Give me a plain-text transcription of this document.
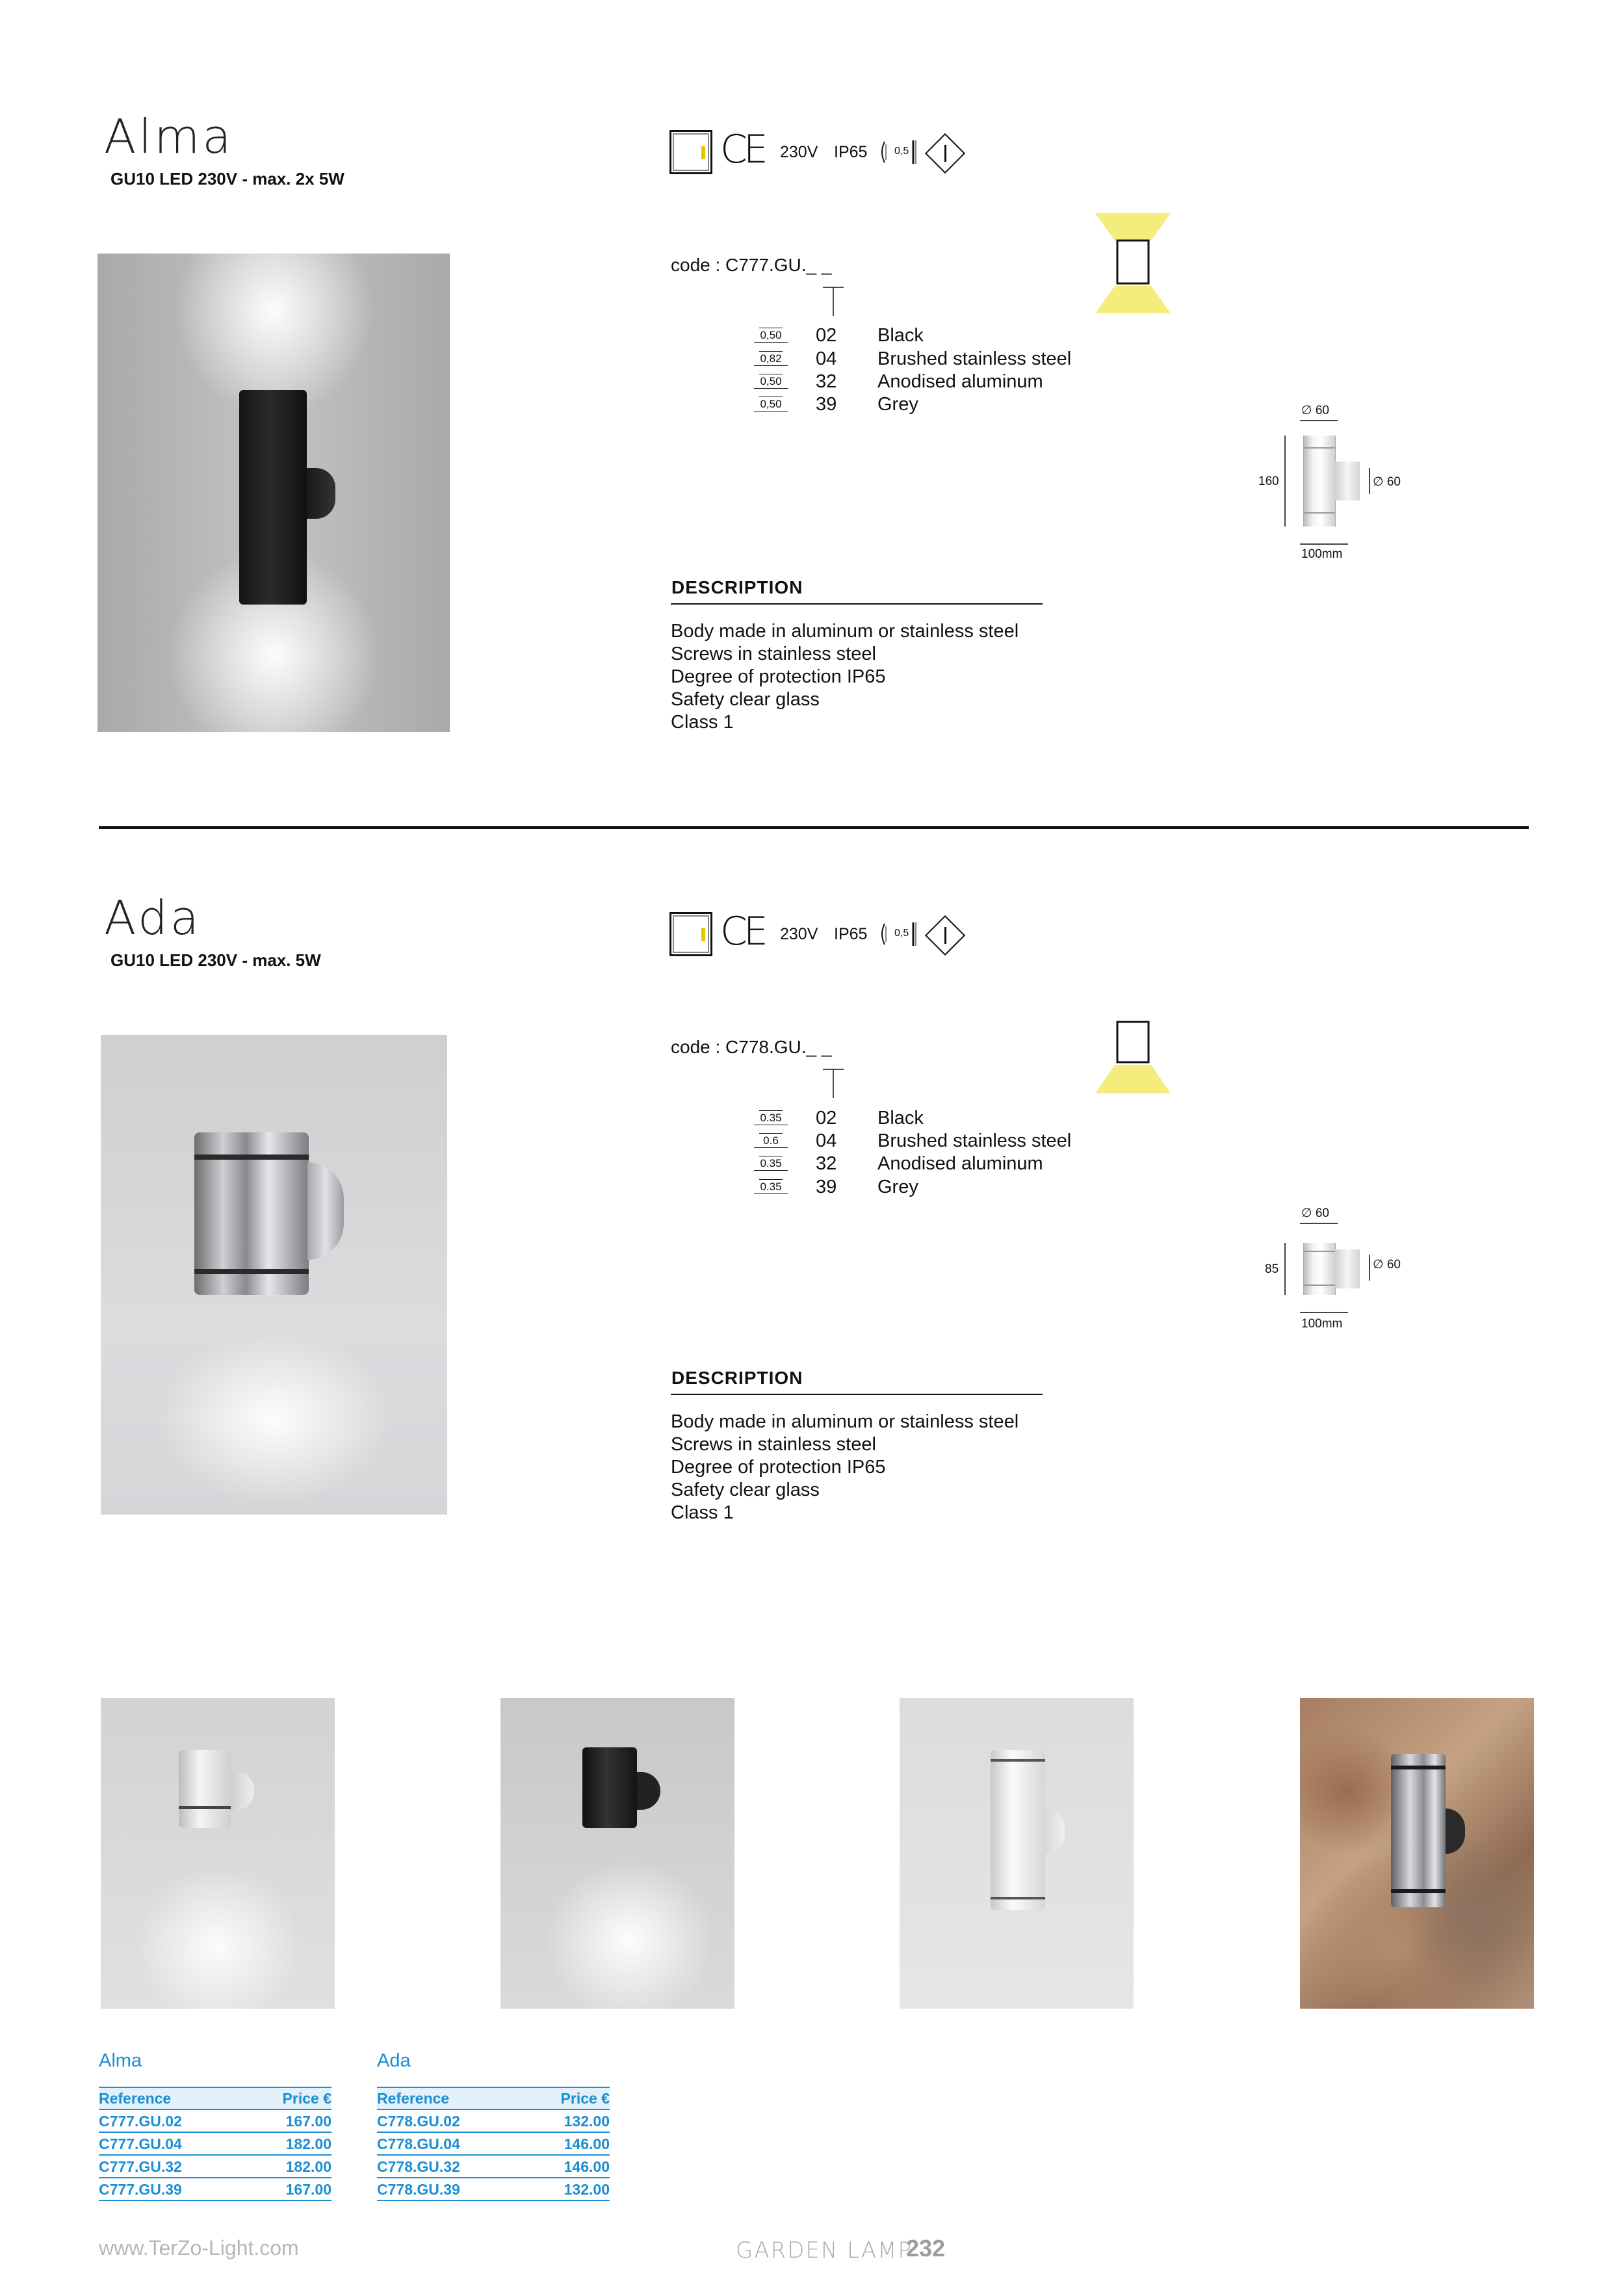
Alma
GU10 LED 230V - max. 2x 5W
CE 230V IP65	0,5
code : C777.GU._ _
0,50	02 Black
0,82	04 Brushed stainless steel
0,50	32 Anodised aluminum
0,50	39 Grey	∅ 60
160	∅ 60
100mm
DESCRIPTION
Body made in aluminum or stainless steel
Screws in stainless steel
Degree of protection IP65
Safety clear glass
Class 1
Ada
GU10 LED 230V - max. 5W
CE 230V IP65	0,5
code : C778.GU._ _
0.35	02 Black
0.6	04 Brushed stainless steel
0.35	32 Anodised aluminum
0.35	39 Grey
∅ 60
85	∅ 60
100mm
DESCRIPTION
Body made in aluminum or stainless steel
Screws in stainless steel
Degree of protection IP65
Safety clear glass
Class 1
Alma
Reference	Price €
C777.GU.02	167.00
C777.GU.04	182.00
C777.GU.32	182.00
C777.GU.39	167.00
Ada
Reference	Price €
C778.GU.02	132.00
C778.GU.04	146.00
C778.GU.32	146.00
C778.GU.39	132.00
www.TerZo-Light.com	GARDEN LAMP
232
